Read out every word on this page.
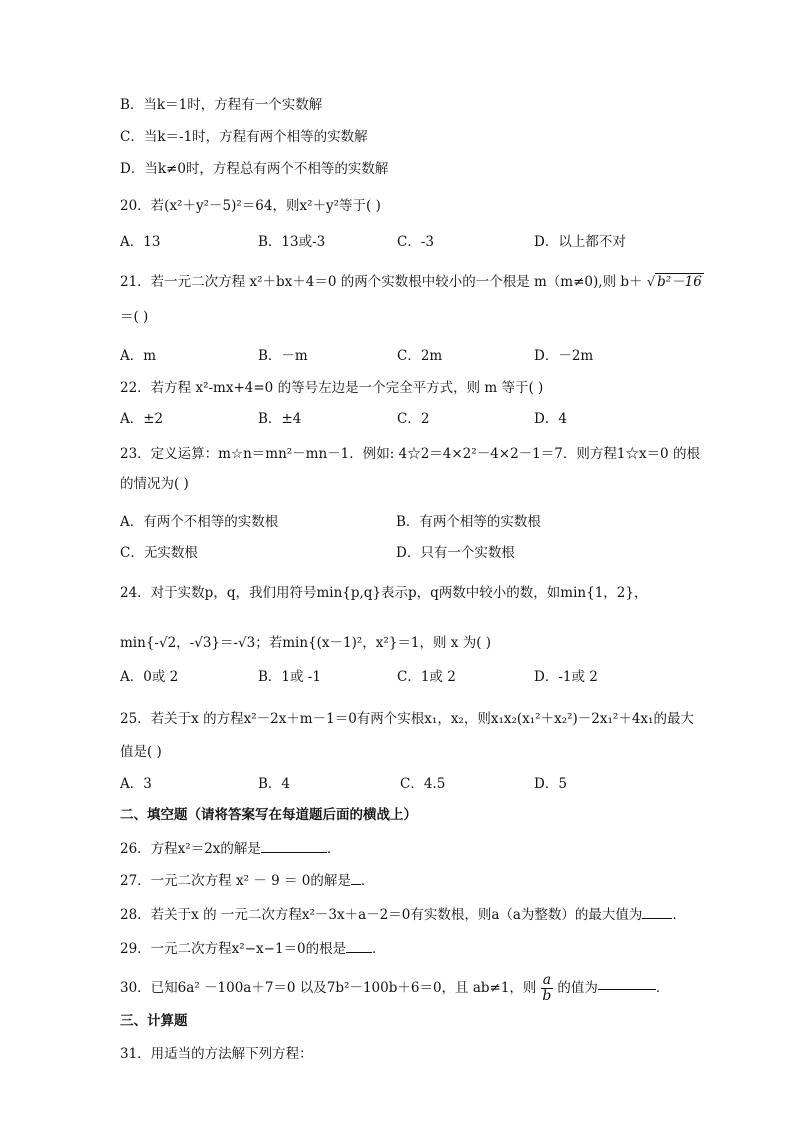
B．当k＝1时，方程有一个实数解
C．当k＝-1时，方程有两个相等的实数解
D．当k≠0时，方程总有两个不相等的实数解
20．若(x²＋y²－5)²＝64，则x²＋y²等于( )
A．13	B．13或-3	C．-3	D．以上都不对
21．若一元二次方程 x²＋bx＋4＝0 的两个实数根中较小的一个根是 m（m≠0),则 b＋ √ b²－16
＝( )
A．m	B．－m	C．2m	D．－2m
22．若方程 x²-mx+4=0 的等号左边是一个完全平方式，则 m 等于( )
A．±2	B．±4	C．2	D．4
23．定义运算：m☆n＝mn²－mn－1．例如: 4☆2＝4×2²－4×2－1＝7．则方程1☆x＝0 的根
的情况为( )
A．有两个不相等的实数根	B．有两个相等的实数根
C．无实数根	D．只有一个实数根
24．对于实数p，q，我们用符号min{p,q}表示p，q两数中较小的数，如min{1，2}，
min{-√2，-√3}＝-√3；若min{(x－1)²，x²}＝1，则 x 为( )
A．0或 2	B．1或 -1	C．1或 2	D．-1或 2
25．若关于x 的方程x²－2x＋m－1＝0有两个实根x₁，x₂，则x₁x₂(x₁²＋x₂²)－2x₁²＋4x₁的最大
值是( )
A．3	B．4	C．4.5	D．5
二、填空题（请将答案写在每道题后面的横战上）
26．方程x²＝2x的解是	．
27．一元二次方程 x² － 9 ＝ 0的解是 ．
28．若关于x 的 一元二次方程x²－3x＋a－2＝0有实数根，则a（a为整数）的最大值为 ．
29．一元二次方程x²−x−1＝0的根是 ．
30．已知6a² －100a＋7＝0 以及7b²－100b＋6＝0，且 ab≠1，则 $\frac{a}{b}$ 的值为	．
三、计算题
31．用适当的方法解下列方程：
